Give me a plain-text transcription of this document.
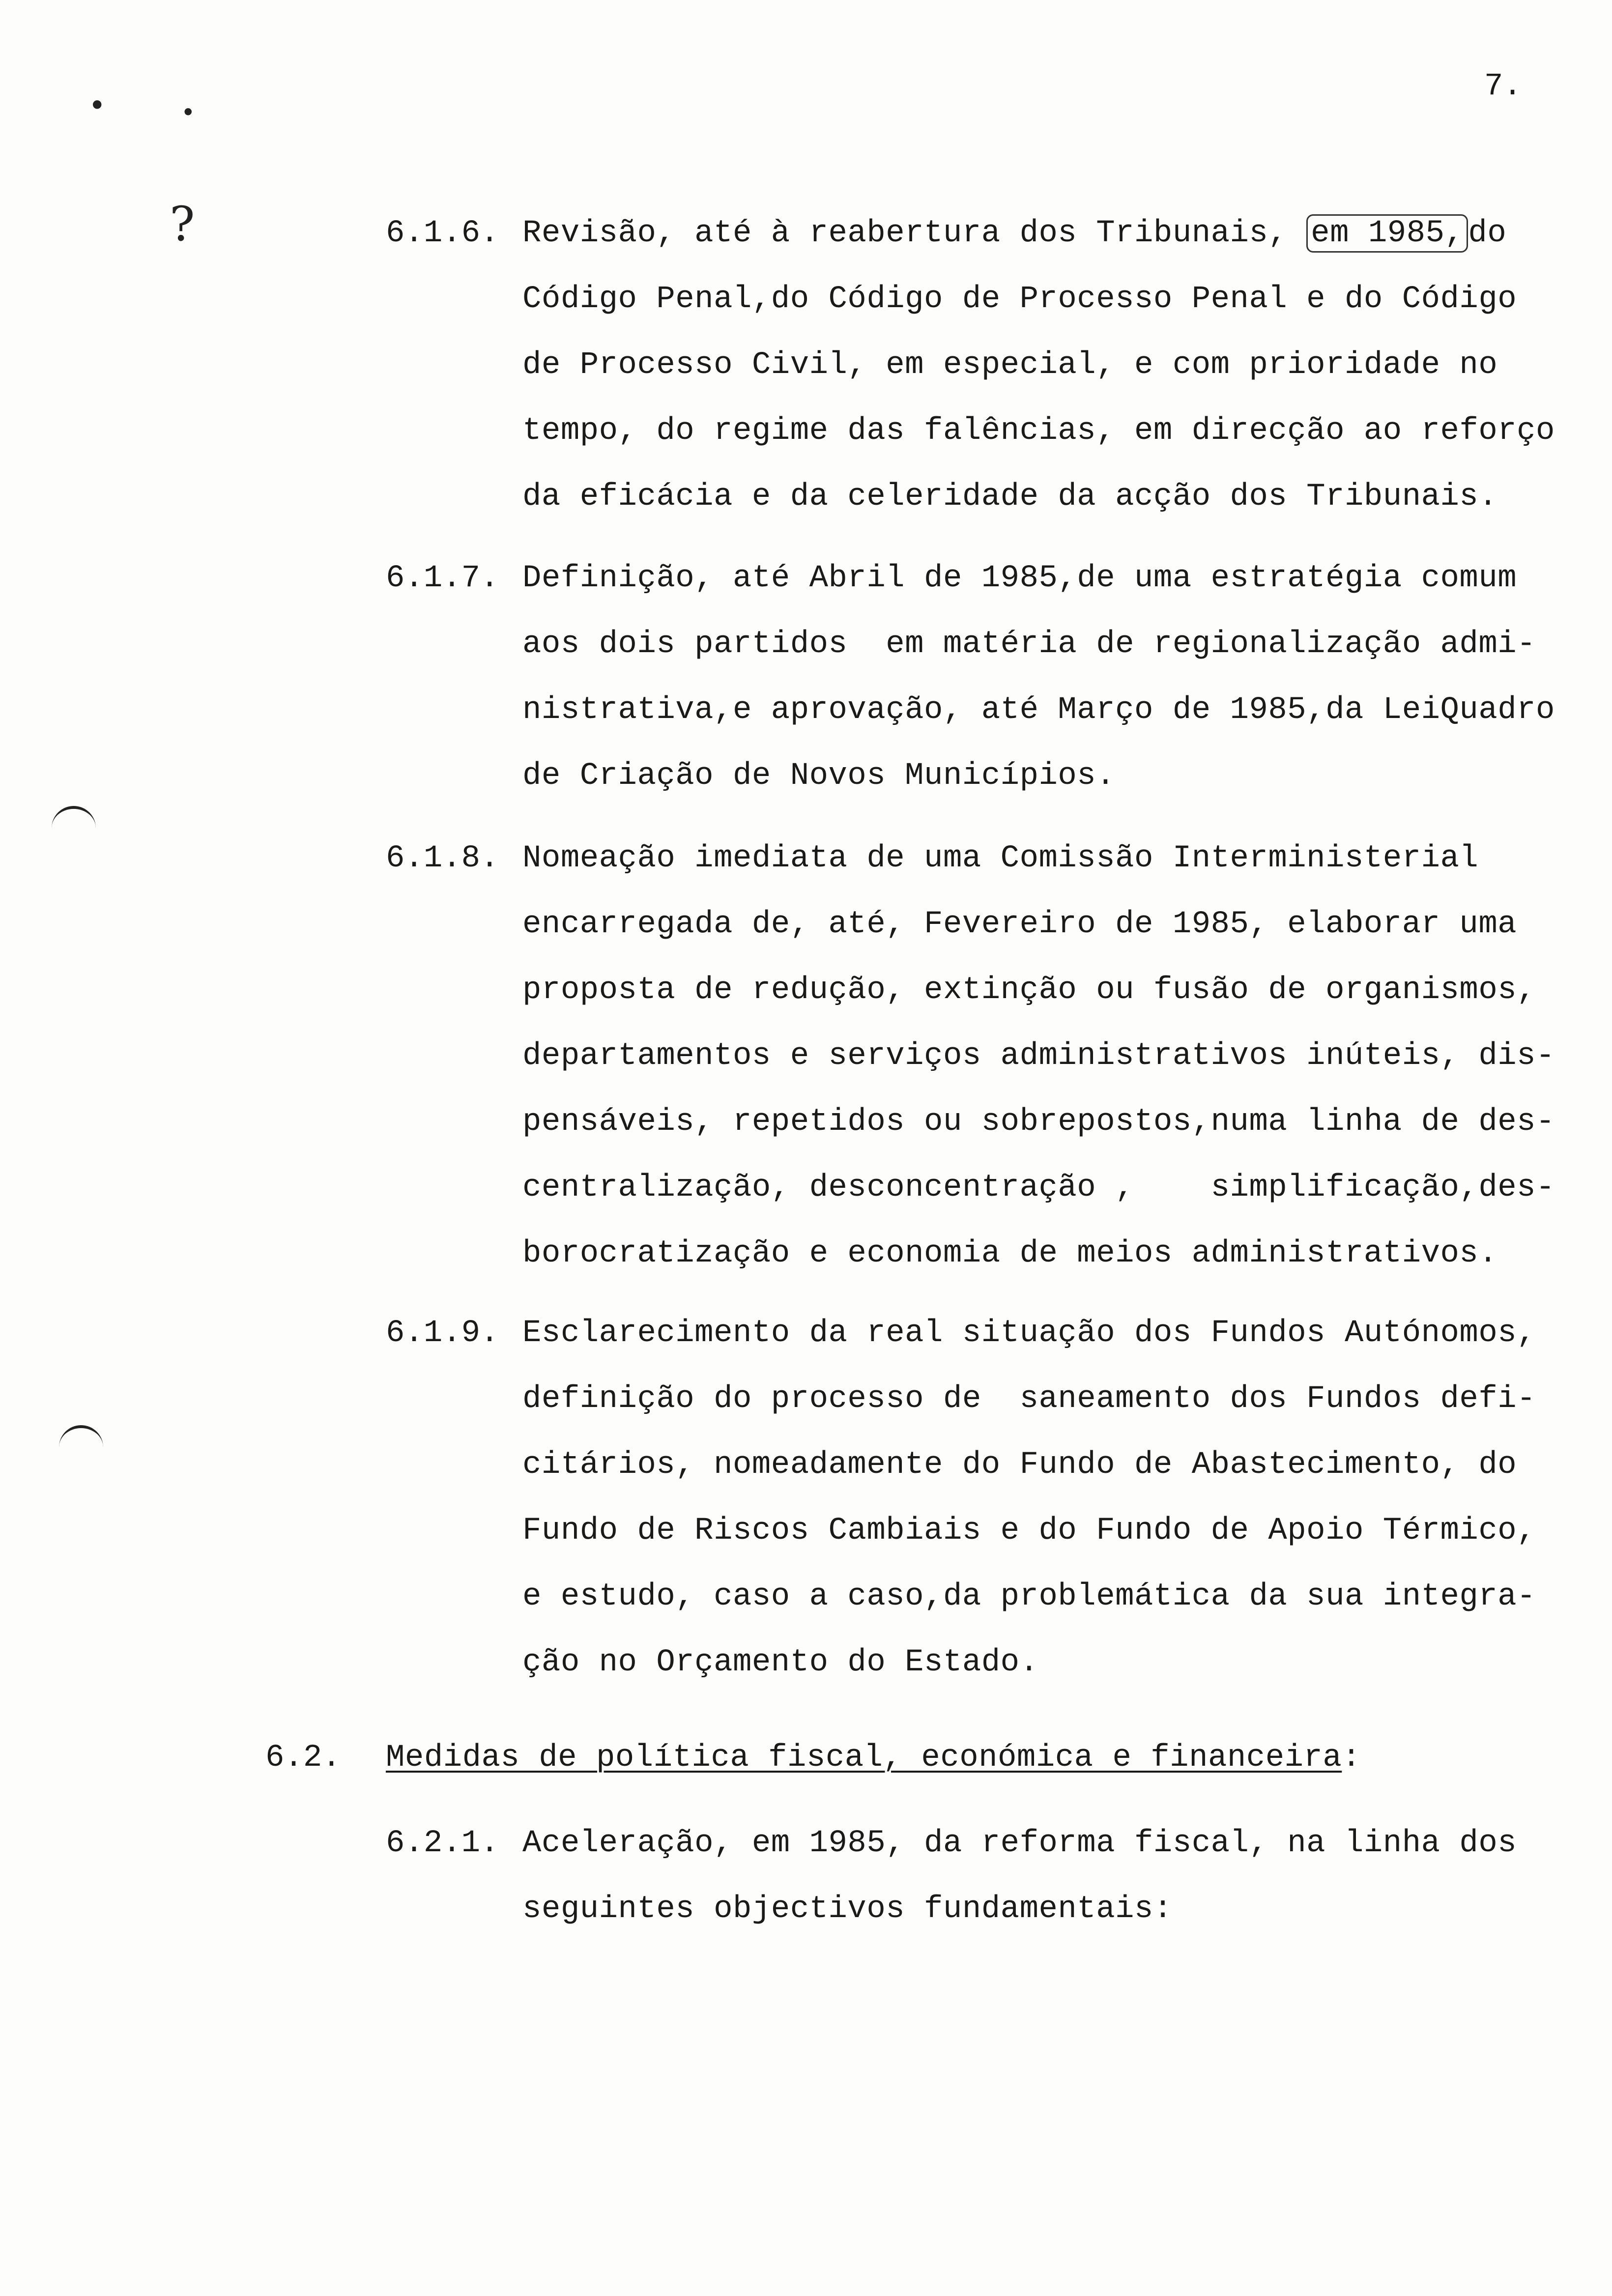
7.
?
•	•
6.1.6. Revisão, até à reabertura dos Tribunais, em 1985, do
Código Penal,do Código de Processo Penal e do Código
de Processo Civil, em especial, e com prioridade no
tempo, do regime das falências, em direcção ao reforço
da eficácia e da celeridade da acção dos Tribunais.
6.1.7. Definição, até Abril de 1985,de uma estratégia comum
aos dois partidos  em matéria de regionalização admi-
nistrativa,e aprovação, até Março de 1985,da LeiQuadro
de Criação de Novos Municípios.
6.1.8. Nomeação imediata de uma Comissão Interministerial
encarregada de, até, Fevereiro de 1985, elaborar uma
proposta de redução, extinção ou fusão de organismos,
departamentos e serviços administrativos inúteis, dis-
pensáveis, repetidos ou sobrepostos,numa linha de des-
centralização, desconcentração ,    simplificação,des-
borocratização e economia de meios administrativos.
6.1.9. Esclarecimento da real situação dos Fundos Autónomos,
definição do processo de  saneamento dos Fundos defi-
citários, nomeadamente do Fundo de Abastecimento, do
Fundo de Riscos Cambiais e do Fundo de Apoio Térmico,
e estudo, caso a caso,da problemática da sua integra-
ção no Orçamento do Estado.
6.2. Medidas de política fiscal, económica e financeira:
6.2.1. Aceleração, em 1985, da reforma fiscal, na linha dos
seguintes objectivos fundamentais:
